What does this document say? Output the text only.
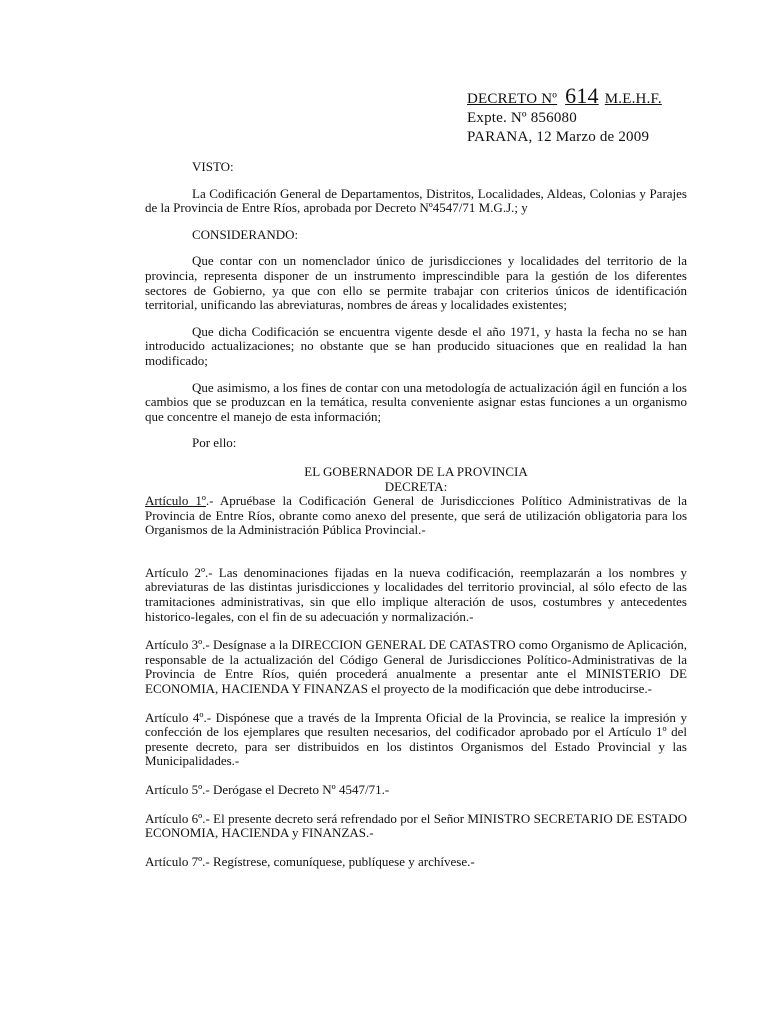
DECRETO Nº 614 M.E.H.F.
Expte. Nº 856080
PARANA, 12 Marzo de 2009

VISTO:

La Codificación General de Departamentos, Distritos, Localidades, Aldeas, Colonias y Parajes de la Provincia de Entre Ríos, aprobada por Decreto Nº4547/71 M.G.J.; y

CONSIDERANDO:

Que contar con un nomenclador único de jurisdicciones y localidades del territorio de la provincia, representa disponer de un instrumento imprescindible para la gestión de los diferentes sectores de Gobierno, ya que con ello se permite trabajar con criterios únicos de identificación territorial, unificando las abreviaturas, nombres de áreas y localidades existentes;

Que dicha Codificación se encuentra vigente desde el año 1971, y hasta la fecha no se han introducido actualizaciones; no obstante que se han producido situaciones que en realidad la han modificado;

Que asimismo, a los fines de contar con una metodología de actualización ágil en función a los cambios que se produzcan en la temática, resulta conveniente asignar estas funciones a un organismo que concentre el manejo de esta información;

Por ello:

EL GOBERNADOR DE LA PROVINCIA

DECRETA:

Artículo 1º.- Apruébase la Codificación General de Jurisdicciones Político Administrativas de la Provincia de Entre Ríos, obrante como anexo del presente, que será de utilización obligatoria para los Organismos de la Administración Pública Provincial.-

Artículo 2º.- Las denominaciones fijadas en la nueva codificación, reemplazarán a los nombres y abreviaturas de las distintas jurisdicciones y localidades del territorio provincial, al sólo efecto de las tramitaciones administrativas, sin que ello implique alteración de usos, costumbres y antecedentes historico-legales, con el fin de su adecuación y normalización.-

Artículo 3º.- Desígnase a la DIRECCION GENERAL DE CATASTRO como Organismo de Aplicación, responsable de la actualización del Código General de Jurisdicciones Político-Administrativas de la Provincia de Entre Ríos, quién procederá anualmente a presentar ante el MINISTERIO DE ECONOMIA, HACIENDA Y FINANZAS el proyecto de la modificación que debe introducirse.-

Artículo 4º.- Dispónese que a través de la Imprenta Oficial de la Provincia, se realice la impresión y confección de los ejemplares que resulten necesarios, del codificador aprobado por el Artículo 1º del presente decreto, para ser distribuidos en los distintos Organismos del Estado Provincial y las Municipalidades.-

Artículo 5º.- Derógase el Decreto Nº 4547/71.-

Artículo 6º.- El presente decreto será refrendado por el Señor MINISTRO SECRETARIO DE ESTADO ECONOMIA, HACIENDA y FINANZAS.-

Artículo 7º.- Regístrese, comuníquese, publíquese y archívese.-
